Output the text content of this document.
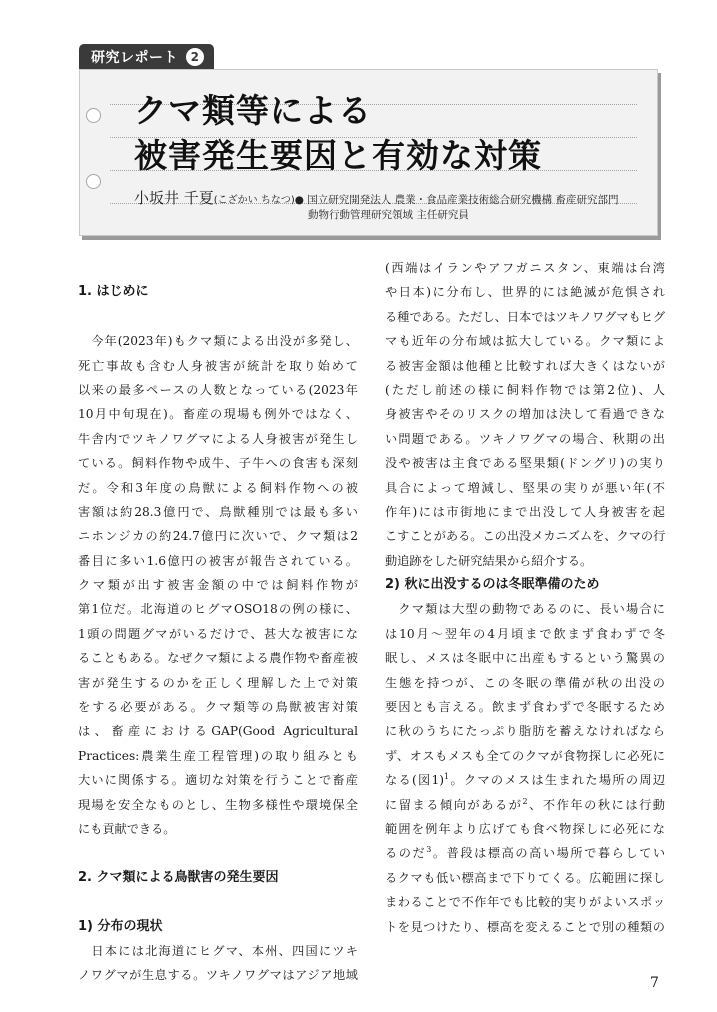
研究レポート	2
クマ類等による
被害発生要因と有効な対策
小坂井 千夏(こざかい ちなつ)● 国立研究開発法人 農業・食品産業技術総合研究機構 畜産研究部門
動物行動管理研究領域 主任研究員
1. はじめに
　今年(2023年)もクマ類による出没が多発し、
死亡事故も含む人身被害が統計を取り始めて
以来の最多ペースの人数となっている(2023年
10月中旬現在)。畜産の現場も例外ではなく、
牛舎内でツキノワグマによる人身被害が発生し
ている。飼料作物や成牛、子牛への食害も深刻
だ。令和3年度の鳥獣による飼料作物への被
害額は約28.3億円で、鳥獣種別では最も多い
ニホンジカの約24.7億円に次いで、クマ類は2
番目に多い1.6億円の被害が報告されている。
クマ類が出す被害金額の中では飼料作物が
第1位だ。北海道のヒグマOSO18の例の様に、
1頭の問題グマがいるだけで、甚大な被害にな
ることもある。なぜクマ類による農作物や畜産被
害が発生するのかを正しく理解した上で対策
をする必要がある。クマ類等の鳥獣被害対策
は、畜産におけるGAP(Good Agricultural
Practices:農業生産工程管理)の取り組みとも
大いに関係する。適切な対策を行うことで畜産
現場を安全なものとし、生物多様性や環境保全
にも貢献できる。
2. クマ類による鳥獣害の発生要因
1) 分布の現状
　日本には北海道にヒグマ、本州、四国にツキ
ノワグマが生息する。ツキノワグマはアジア地域
(西端はイランやアフガニスタン、東端は台湾
や日本)に分布し、世界的には絶滅が危惧され
る種である。ただし、日本ではツキノワグマもヒグ
マも近年の分布域は拡大している。クマ類によ
る被害金額は他種と比較すれば大きくはないが
(ただし前述の様に飼料作物では第2位)、人
身被害やそのリスクの増加は決して看過できな
い問題である。ツキノワグマの場合、秋期の出
没や被害は主食である堅果類(ドングリ)の実り
具合によって増減し、堅果の実りが悪い年(不
作年)には市街地にまで出没して人身被害を起
こすことがある。この出没メカニズムを、クマの行
動追跡をした研究結果から紹介する。
2) 秋に出没するのは冬眠準備のため
　クマ類は大型の動物であるのに、長い場合に
は10月〜翌年の4月頃まで飲まず食わずで冬
眠し、メスは冬眠中に出産もするという驚異の
生態を持つが、この冬眠の準備が秋の出没の
要因とも言える。飲まず食わずで冬眠するため
に秋のうちにたっぷり脂肪を蓄えなければなら
ず、オスもメスも全てのクマが食物探しに必死に
なる(図1)$^1$。クマのメスは生まれた場所の周辺
に留まる傾向があるが$^2$、不作年の秋には行動
範囲を例年より広げても食べ物探しに必死にな
るのだ$^3$。普段は標高の高い場所で暮らしてい
るクマも低い標高まで下りてくる。広範囲に探し
まわることで不作年でも比較的実りがよいスポッ
トを見つけたり、標高を変えることで別の種類の
7
